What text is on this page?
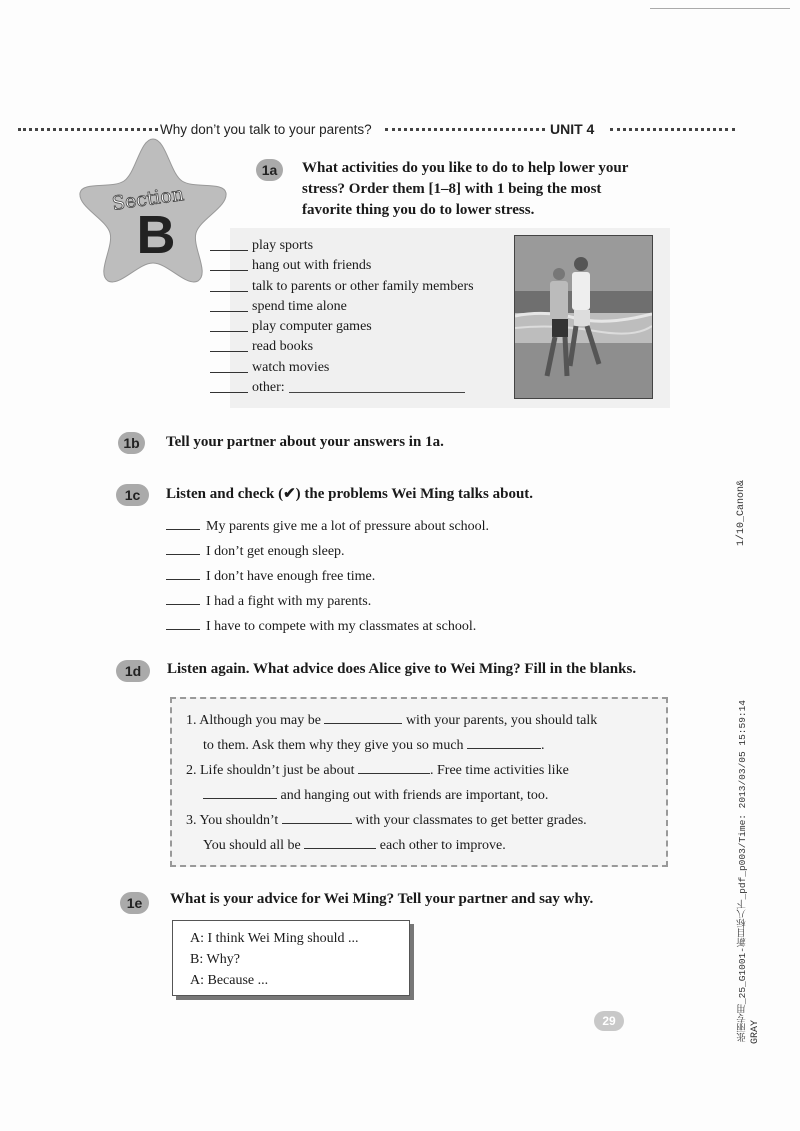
Why don’t you talk to your parents?	UNIT 4
Section
B
1a	What activities do you like to do to help lower your
stress? Order them [1–8] with 1 being the most
favorite thing you do to lower stress.
play sports
hang out with friends
talk to parents or other family members
spend time alone
play computer games
read books
watch movies
other:
1b	Tell your partner about your answers in 1a.
1c	Listen and check (✔) the problems Wei Ming talks about.
My parents give me a lot of pressure about school.
I don’t get enough sleep.
I don’t have enough free time.
I had a fight with my parents.
I have to compete with my classmates at school.
1d	Listen again. What advice does Alice give to Wei Ming? Fill in the blanks.
1. Although you may be	with your parents, you should talk
to them. Ask them why they give you so much	.
2. Life shouldn’t just be about	. Free time activities like
and hanging out with friends are important, too.
3. You shouldn’t	with your classmates to get better grades.
You should all be	each other to improve.
1e	What is your advice for Wei Ming? Tell your partner and say why.
A: I think Wei Ming should ...
B: Why?
A: Because ...
29
1/10_Canon&
张丽专用_25_G1001-新目标八下_pdf_p003/Time: 2013/03/05 15:59:14 GRAY
